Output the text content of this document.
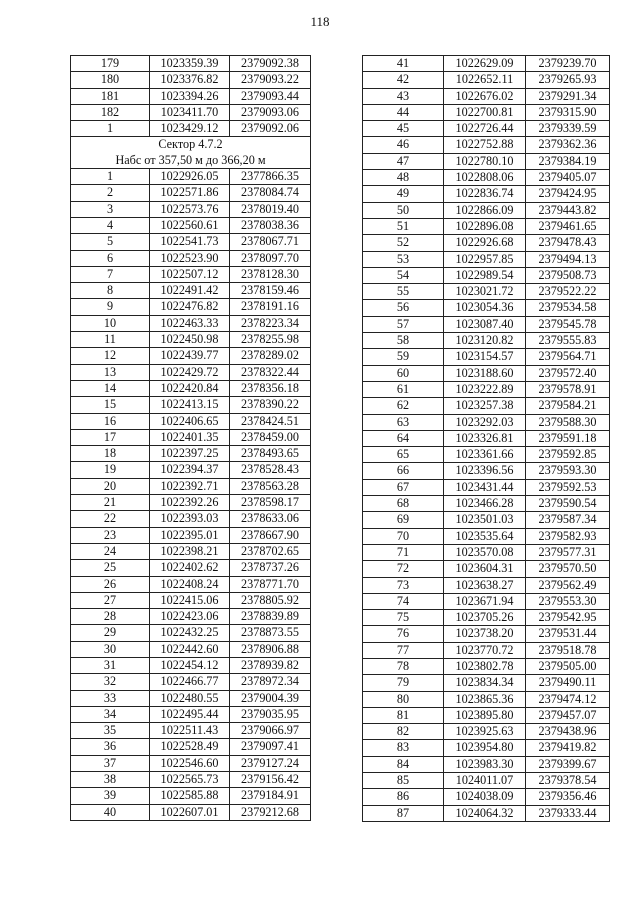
118
179	1023359.39	2379092.38
180	1023376.82	2379093.22
181	1023394.26	2379093.44
182	1023411.70	2379093.06
1	1023429.12	2379092.06

Сектор 4.7.2
Набс от 357,50 м до 366,20 м		

1	1022926.05	2377866.35
2	1022571.86	2378084.74
3	1022573.76	2378019.40
4	1022560.61	2378038.36
5	1022541.73	2378067.71
6	1022523.90	2378097.70
7	1022507.12	2378128.30
8	1022491.42	2378159.46
9	1022476.82	2378191.16
10	1022463.33	2378223.34
11	1022450.98	2378255.98
12	1022439.77	2378289.02
13	1022429.72	2378322.44
14	1022420.84	2378356.18
15	1022413.15	2378390.22
16	1022406.65	2378424.51
17	1022401.35	2378459.00
18	1022397.25	2378493.65
19	1022394.37	2378528.43
20	1022392.71	2378563.28
21	1022392.26	2378598.17
22	1022393.03	2378633.06
23	1022395.01	2378667.90
24	1022398.21	2378702.65
25	1022402.62	2378737.26
26	1022408.24	2378771.70
27	1022415.06	2378805.92
28	1022423.06	2378839.89
29	1022432.25	2378873.55
30	1022442.60	2378906.88
31	1022454.12	2378939.82
32	1022466.77	2378972.34
33	1022480.55	2379004.39
34	1022495.44	2379035.95
35	1022511.43	2379066.97
36	1022528.49	2379097.41
37	1022546.60	2379127.24
38	1022565.73	2379156.42
39	1022585.88	2379184.91
40	1022607.01	2379212.68
41	1022629.09	2379239.70
42	1022652.11	2379265.93
43	1022676.02	2379291.34
44	1022700.81	2379315.90
45	1022726.44	2379339.59
46	1022752.88	2379362.36
47	1022780.10	2379384.19
48	1022808.06	2379405.07
49	1022836.74	2379424.95
50	1022866.09	2379443.82
51	1022896.08	2379461.65
52	1022926.68	2379478.43
53	1022957.85	2379494.13
54	1022989.54	2379508.73
55	1023021.72	2379522.22
56	1023054.36	2379534.58
57	1023087.40	2379545.78
58	1023120.82	2379555.83
59	1023154.57	2379564.71
60	1023188.60	2379572.40
61	1023222.89	2379578.91
62	1023257.38	2379584.21
63	1023292.03	2379588.30
64	1023326.81	2379591.18
65	1023361.66	2379592.85
66	1023396.56	2379593.30
67	1023431.44	2379592.53
68	1023466.28	2379590.54
69	1023501.03	2379587.34
70	1023535.64	2379582.93
71	1023570.08	2379577.31
72	1023604.31	2379570.50
73	1023638.27	2379562.49
74	1023671.94	2379553.30
75	1023705.26	2379542.95
76	1023738.20	2379531.44
77	1023770.72	2379518.78
78	1023802.78	2379505.00
79	1023834.34	2379490.11
80	1023865.36	2379474.12
81	1023895.80	2379457.07
82	1023925.63	2379438.96
83	1023954.80	2379419.82
84	1023983.30	2379399.67
85	1024011.07	2379378.54
86	1024038.09	2379356.46
87	1024064.32	2379333.44
